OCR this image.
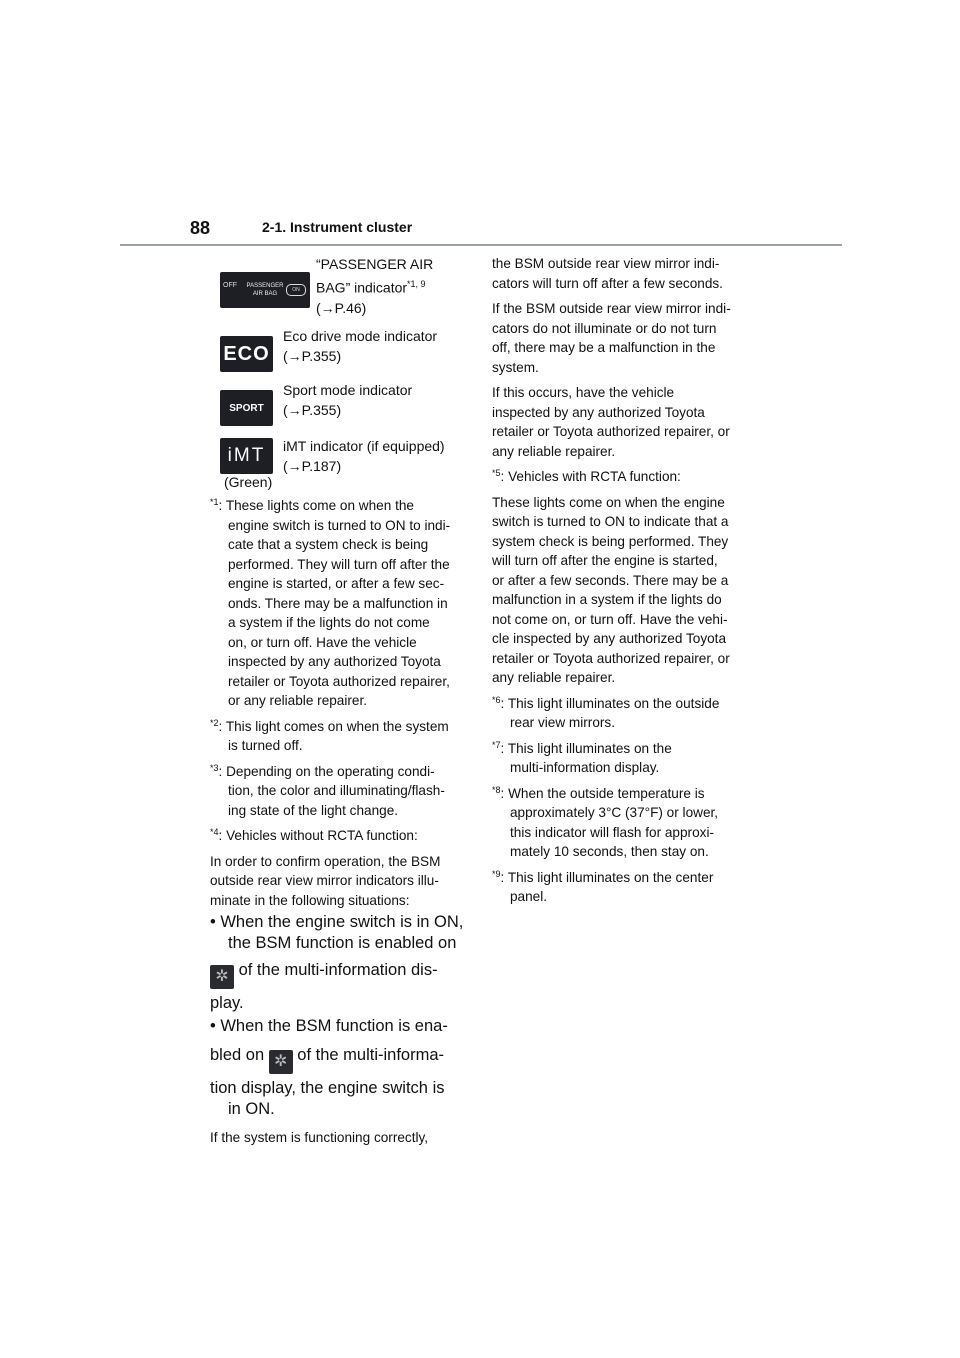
88	2-1. Instrument cluster
OFF PASSENGER
AIR BAG
ON
“PASSENGER AIR
BAG” indicator$^{*1, 9}$
(→P.46)
ECO
Eco drive mode indicator
(→P.355)
SPORT
Sport mode indicator
(→P.355)
iMT
(Green)
iMT indicator (if equipped)
(→P.187)
$^{*1}$: These lights come on when the
engine switch is turned to ON to indi-
cate that a system check is being
performed. They will turn off after the
engine is started, or after a few sec-
onds. There may be a malfunction in
a system if the lights do not come
on, or turn off. Have the vehicle
inspected by any authorized Toyota
retailer or Toyota authorized repairer,
or any reliable repairer.
$^{*2}$: This light comes on when the system
is turned off.
$^{*3}$: Depending on the operating condi-
tion, the color and illuminating/flash-
ing state of the light change.
$^{*4}$: Vehicles without RCTA function:

In order to confirm operation, the BSM
outside rear view mirror indicators illu-
minate in the following situations:

• When the engine switch is in ON,
the BSM function is enabled on
✲ of the multi-information dis-
play.
• When the BSM function is ena-
bled on ✲ of the multi-informa-
tion display, the engine switch is
in ON.

If the system is functioning correctly,

the BSM outside rear view mirror indi-
cators will turn off after a few seconds.

If the BSM outside rear view mirror indi-
cators do not illuminate or do not turn
off, there may be a malfunction in the
system.

If this occurs, have the vehicle
inspected by any authorized Toyota
retailer or Toyota authorized repairer, or
any reliable repairer.

$^{*5}$: Vehicles with RCTA function:

These lights come on when the engine
switch is turned to ON to indicate that a
system check is being performed. They
will turn off after the engine is started,
or after a few seconds. There may be a
malfunction in a system if the lights do
not come on, or turn off. Have the vehi-
cle inspected by any authorized Toyota
retailer or Toyota authorized repairer, or
any reliable repairer.

$^{*6}$: This light illuminates on the outside
rear view mirrors.
$^{*7}$: This light illuminates on the
multi-information display.
$^{*8}$: When the outside temperature is
approximately 3°C (37°F) or lower,
this indicator will flash for approxi-
mately 10 seconds, then stay on.
$^{*9}$: This light illuminates on the center
panel.
